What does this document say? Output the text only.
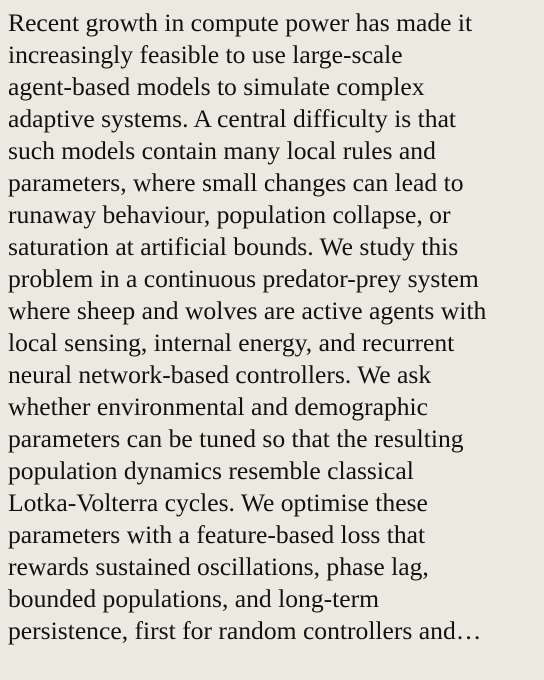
Recent growth in compute power has made it
increasingly feasible to use large-scale
agent-based models to simulate complex
adaptive systems. A central difficulty is that
such models contain many local rules and
parameters, where small changes can lead to
runaway behaviour, population collapse, or
saturation at artificial bounds. We study this
problem in a continuous predator-prey system
where sheep and wolves are active agents with
local sensing, internal energy, and recurrent
neural network-based controllers. We ask
whether environmental and demographic
parameters can be tuned so that the resulting
population dynamics resemble classical
Lotka-Volterra cycles. We optimise these
parameters with a feature-based loss that
rewards sustained oscillations, phase lag,
bounded populations, and long-term
persistence, first for random controllers and…
